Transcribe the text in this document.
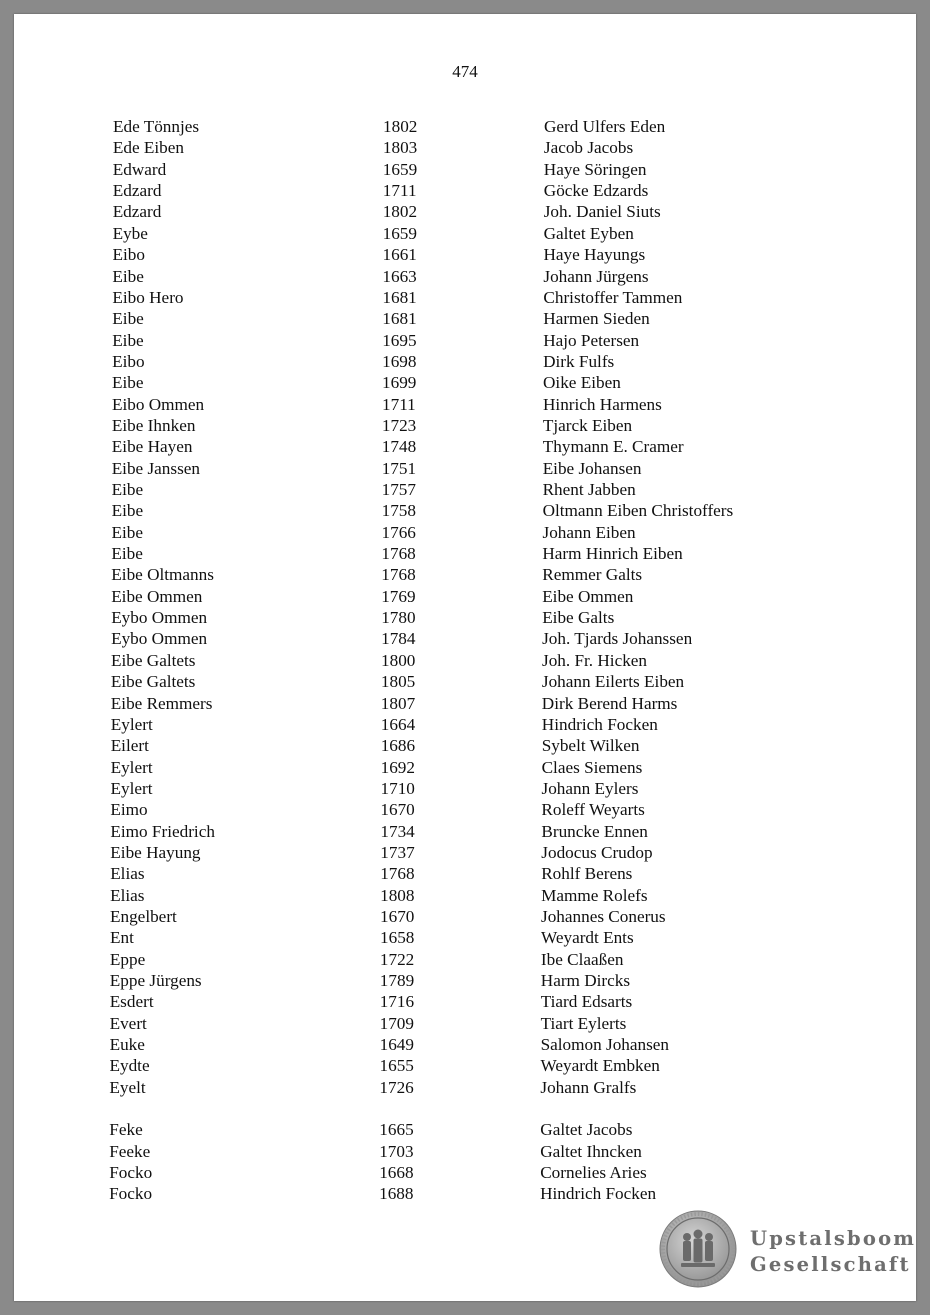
474
Ede Tönnjes	1802	Gerd Ulfers Eden
Ede Eiben	1803	Jacob Jacobs
Edward	1659	Haye Söringen
Edzard	1711	Göcke Edzards
Edzard	1802	Joh. Daniel Siuts
Eybe	1659	Galtet Eyben
Eibo	1661	Haye Hayungs
Eibe	1663	Johann Jürgens
Eibo Hero	1681	Christoffer Tammen
Eibe	1681	Harmen Sieden
Eibe	1695	Hajo Petersen
Eibo	1698	Dirk Fulfs
Eibe	1699	Oike Eiben
Eibo Ommen	1711	Hinrich Harmens
Eibe Ihnken	1723	Tjarck Eiben
Eibe Hayen	1748	Thymann E. Cramer
Eibe Janssen	1751	Eibe Johansen
Eibe	1757	Rhent Jabben
Eibe	1758	Oltmann Eiben Christoffers
Eibe	1766	Johann Eiben
Eibe	1768	Harm Hinrich Eiben
Eibe Oltmanns	1768	Remmer Galts
Eibe Ommen	1769	Eibe Ommen
Eybo Ommen	1780	Eibe Galts
Eybo Ommen	1784	Joh. Tjards Johanssen
Eibe Galtets	1800	Joh. Fr. Hicken
Eibe Galtets	1805	Johann Eilerts Eiben
Eibe Remmers	1807	Dirk Berend Harms
Eylert	1664	Hindrich Focken
Eilert	1686	Sybelt Wilken
Eylert	1692	Claes Siemens
Eylert	1710	Johann Eylers
Eimo	1670	Roleff Weyarts
Eimo Friedrich	1734	Bruncke Ennen
Eibe Hayung	1737	Jodocus Crudop
Elias	1768	Rohlf Berens
Elias	1808	Mamme Rolefs
Engelbert	1670	Johannes Conerus
Ent	1658	Weyardt Ents
Eppe	1722	Ibe Claaßen
Eppe Jürgens	1789	Harm Dircks
Esdert	1716	Tiard Edsarts
Evert	1709	Tiart Eylerts
Euke	1649	Salomon Johansen
Eydte	1655	Weyardt Embken
Eyelt	1726	Johann Gralfs
Feke	1665	Galtet Jacobs
Feeke	1703	Galtet Ihncken
Focko	1668	Cornelies Aries
Focko	1688	Hindrich Focken
Upstalsboom
Gesellschaft
